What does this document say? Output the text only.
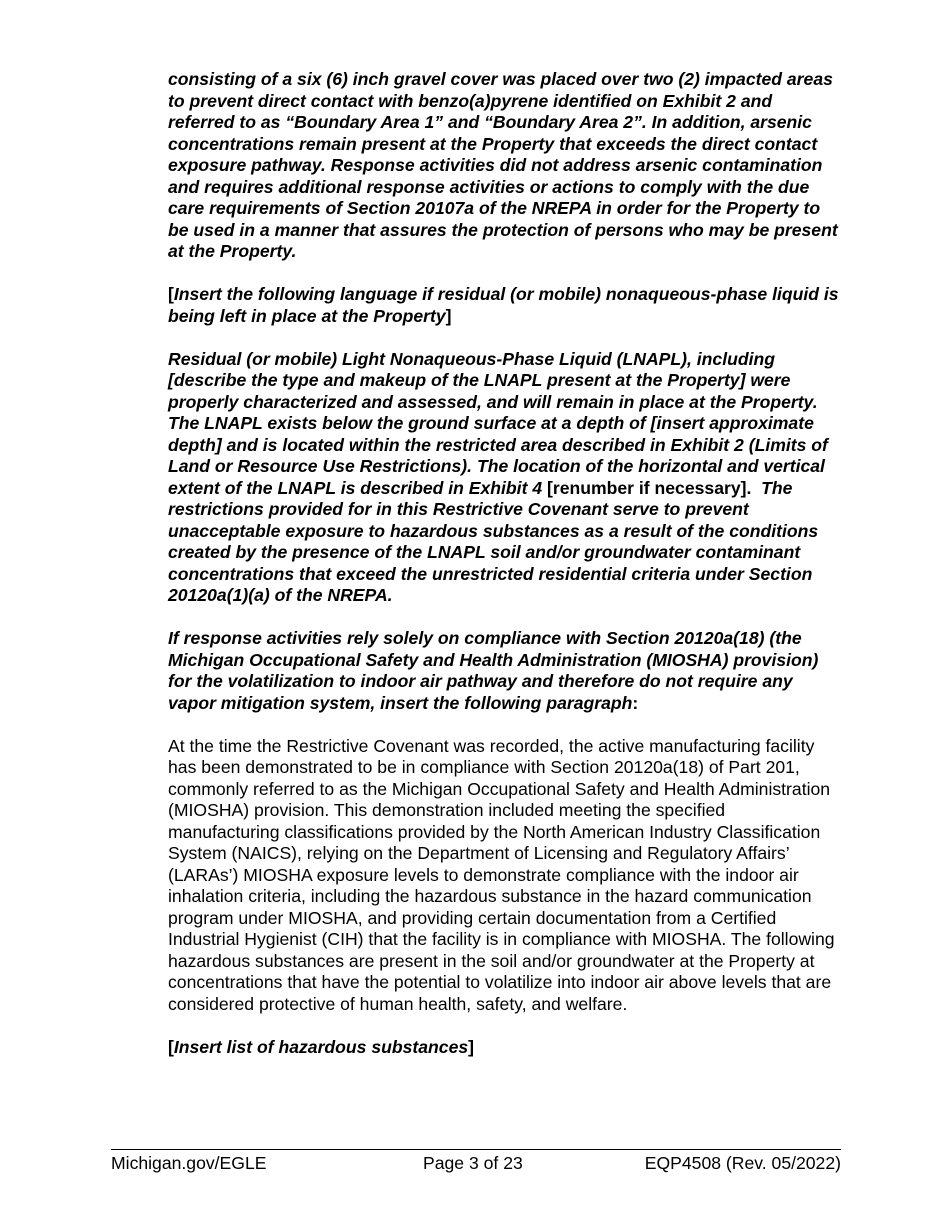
consisting of a six (6) inch gravel cover was placed over two (2) impacted areas to prevent direct contact with benzo(a)pyrene identified on Exhibit 2 and referred to as “Boundary Area 1” and “Boundary Area 2”. In addition, arsenic concentrations remain present at the Property that exceeds the direct contact exposure pathway. Response activities did not address arsenic contamination and requires additional response activities or actions to comply with the due care requirements of Section 20107a of the NREPA in order for the Property to be used in a manner that assures the protection of persons who may be present at the Property.

[Insert the following language if residual (or mobile) nonaqueous-phase liquid is being left in place at the Property]

Residual (or mobile) Light Nonaqueous-Phase Liquid (LNAPL), including [describe the type and makeup of the LNAPL present at the Property] were properly characterized and assessed, and will remain in place at the Property. The LNAPL exists below the ground surface at a depth of [insert approximate depth] and is located within the restricted area described in Exhibit 2 (Limits of Land or Resource Use Restrictions). The location of the horizontal and vertical extent of the LNAPL is described in Exhibit 4 [renumber if necessary]. The restrictions provided for in this Restrictive Covenant serve to prevent unacceptable exposure to hazardous substances as a result of the conditions created by the presence of the LNAPL soil and/or groundwater contaminant concentrations that exceed the unrestricted residential criteria under Section 20120a(1)(a) of the NREPA.

If response activities rely solely on compliance with Section 20120a(18) (the Michigan Occupational Safety and Health Administration (MIOSHA) provision) for the volatilization to indoor air pathway and therefore do not require any vapor mitigation system, insert the following paragraph:

At the time the Restrictive Covenant was recorded, the active manufacturing facility has been demonstrated to be in compliance with Section 20120a(18) of Part 201, commonly referred to as the Michigan Occupational Safety and Health Administration (MIOSHA) provision. This demonstration included meeting the specified manufacturing classifications provided by the North American Industry Classification System (NAICS), relying on the Department of Licensing and Regulatory Affairs’ (LARAs’) MIOSHA exposure levels to demonstrate compliance with the indoor air inhalation criteria, including the hazardous substance in the hazard communication program under MIOSHA, and providing certain documentation from a Certified Industrial Hygienist (CIH) that the facility is in compliance with MIOSHA. The following hazardous substances are present in the soil and/or groundwater at the Property at concentrations that have the potential to volatilize into indoor air above levels that are considered protective of human health, safety, and welfare.

[Insert list of hazardous substances]

Michigan.gov/EGLE	Page 3 of 23	EQP4508 (Rev. 05/2022)
